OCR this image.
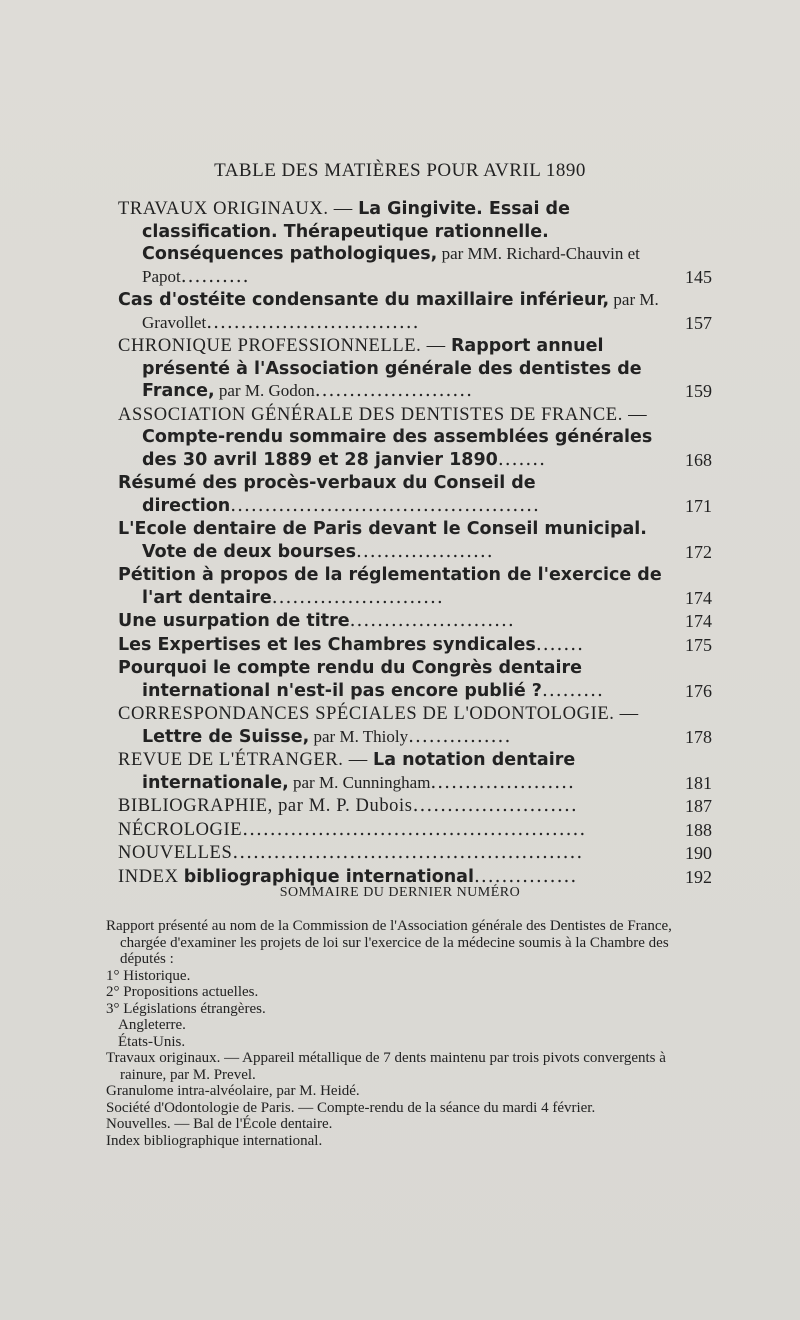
TABLE DES MATIÈRES POUR AVRIL 1890
TRAVAUX ORIGINAUX. — La Gingivite. Essai de classification. Thérapeutique rationnelle. Conséquences pathologiques, par MM. Richard-Chauvin et Papot..........	145
Cas d'ostéite condensante du maxillaire inférieur, par M. Gravollet...............................	157
CHRONIQUE PROFESSIONNELLE. — Rapport annuel présenté à l'Association générale des dentistes de France, par M. Godon.......................	159
ASSOCIATION GÉNÉRALE DES DENTISTES DE FRANCE. — Compte-rendu sommaire des assemblées générales des 30 avril 1889 et 28 janvier 1890.......	168
Résumé des procès-verbaux du Conseil de direction.............................................	171
L'Ecole dentaire de Paris devant le Conseil municipal. Vote de deux bourses....................	172
Pétition à propos de la réglementation de l'exercice de l'art dentaire.........................	174
Une usurpation de titre........................	174
Les Expertises et les Chambres syndicales.......	175
Pourquoi le compte rendu du Congrès dentaire international n'est-il pas encore publié ?.........	176
CORRESPONDANCES SPÉCIALES DE L'ODONTOLOGIE. — Lettre de Suisse, par M. Thioly...............	178
REVUE DE L'ÉTRANGER. — La notation dentaire internationale, par M. Cunningham.....................	181
BIBLIOGRAPHIE, par M. P. Dubois........................	187
NÉCROLOGIE..................................................	188
NOUVELLES...................................................	190
INDEX bibliographique international...............	192
SOMMAIRE DU DERNIER NUMÉRO
Rapport présenté au nom de la Commission de l'Association générale des Dentistes de France, chargée d'examiner les projets de loi sur l'exercice de la médecine soumis à la Chambre des députés :
1° Historique.
2° Propositions actuelles.
3° Législations étrangères.
Angleterre.
États-Unis.
Travaux originaux. — Appareil métallique de 7 dents maintenu par trois pivots convergents à rainure, par M. Prevel.
Granulome intra-alvéolaire, par M. Heidé.
Société d'Odontologie de Paris. — Compte-rendu de la séance du mardi 4 février.
Nouvelles. — Bal de l'École dentaire.
Index bibliographique international.
